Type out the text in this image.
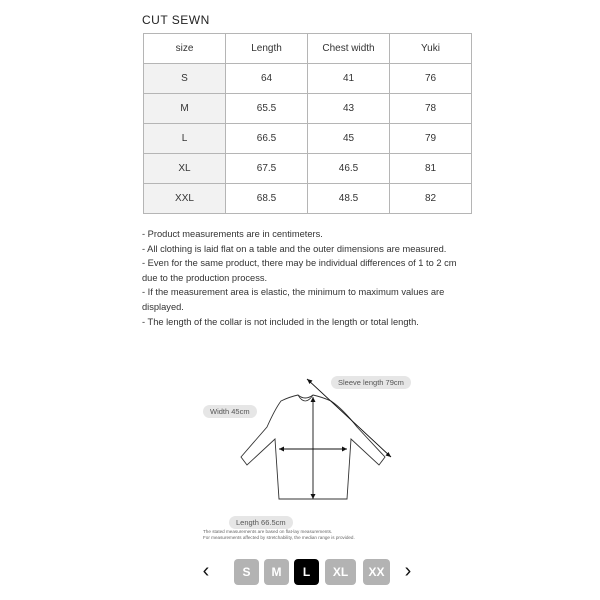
CUT SEWN
size	Length	Chest width	Yuki
S	64	41	76
M	65.5	43	78
L	66.5	45	79
XL	67.5	46.5	81
XXL	68.5	48.5	82

- Product measurements are in centimeters.

- All clothing is laid flat on a table and the outer dimensions are measured.

- Even for the same product, there may be individual differences of 1 to 2 cm due to the production process.

- If the measurement area is elastic, the minimum to maximum values are displayed.

- The length of the collar is not included in the length or total length.

Sleeve length 79cm
Width 45cm
Length 66.5cm

The stated measurements are based on flat-lay measurements.

For measurements affected by stretchability, the median range is provided.

‹	S	M	L	XL	XX	›
